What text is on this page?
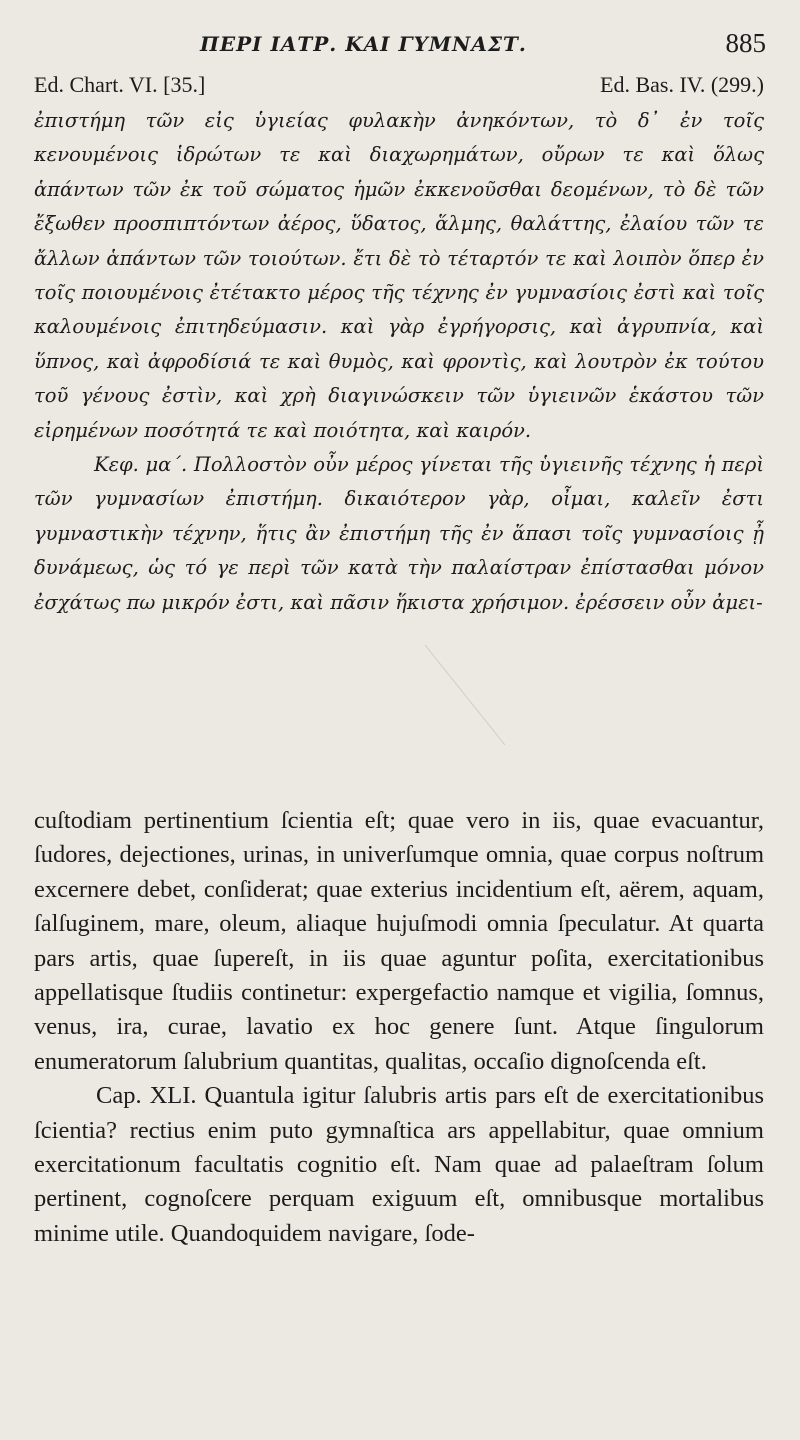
ΠΕΡΙ ΙΑΤΡ. ΚΑΙ ΓΥΜΝΑΣΤ.	885
Ed. Chart. VI. [35.]	Ed. Bas. IV. (299.)

ἐπιστήμη τῶν εἰς ὑγιείας φυλακὴν ἀνηκόντων, τὸ δ᾽ ἐν τοῖς κενουμένοις ἱδρώτων τε καὶ διαχωρημάτων, οὔρων τε καὶ ὅλως ἁπάντων τῶν ἐκ τοῦ σώματος ἡμῶν ἐκκενοῦσθαι δεομένων, τὸ δὲ τῶν ἔξωθεν προσπιπτόντων ἀέρος, ὕδατος, ἅλμης, θαλάττης, ἐλαίου τῶν τε ἄλλων ἁπάντων τῶν τοιούτων. ἔτι δὲ τὸ τέταρτόν τε καὶ λοιπὸν ὅπερ ἐν τοῖς ποιουμένοις ἐτέτακτο μέρος τῆς τέχνης ἐν γυμνασίοις ἐστὶ καὶ τοῖς καλουμένοις ἐπιτηδεύμασιν. καὶ γὰρ ἐγρήγορσις, καὶ ἀγρυπνία, καὶ ὕπνος, καὶ ἀφροδίσιά τε καὶ θυμὸς, καὶ φροντὶς, καὶ λουτρὸν ἐκ τούτου τοῦ γένους ἐστὶν, καὶ χρὴ διαγινώσκειν τῶν ὑγιεινῶν ἑκάστου τῶν εἰρημένων ποσότητά τε καὶ ποιότητα, καὶ καιρόν.

Κεφ. μα΄. Πολλοστὸν οὖν μέρος γίνεται τῆς ὑγιεινῆς τέχνης ἡ περὶ τῶν γυμνασίων ἐπιστήμη. δικαιότερον γὰρ, οἶμαι, καλεῖν ἐστι γυμναστικὴν τέχνην, ἥτις ἂν ἐπιστήμη τῆς ἐν ἅπασι τοῖς γυμνασίοις ᾖ δυνάμεως, ὡς τό γε περὶ τῶν κατὰ τὴν παλαίστραν ἐπίστασθαι μόνον ἐσχάτως πω μικρόν ἐστι, καὶ πᾶσιν ἥκιστα χρήσιμον. ἐρέσσειν οὖν ἀμει-

cuſtodiam pertinentium ſcientia eſt; quae vero in iis, quae evacuantur, ſudores, dejectiones, urinas, in univerſumque omnia, quae corpus noſtrum excernere debet, conſiderat; quae exterius incidentium eſt, aërem, aquam, ſalſuginem, mare, oleum, aliaque hujuſmodi omnia ſpeculatur. At quarta pars artis, quae ſupereſt, in iis quae aguntur poſita, exercitationibus appellatisque ſtudiis continetur: expergefactio namque et vigilia, ſomnus, venus, ira, curae, lavatio ex hoc genere ſunt. Atque ſingulorum enumeratorum ſalubrium quantitas, qualitas, occaſio dignoſcenda eſt.

Cap. XLI. Quantula igitur ſalubris artis pars eſt de exercitationibus ſcientia? rectius enim puto gymnaſtica ars appellabitur, quae omnium exercitationum facultatis cognitio eſt. Nam quae ad palaeſtram ſolum pertinent, cognoſcere perquam exiguum eſt, omnibusque mortalibus minime utile. Quandoquidem navigare, ſode-
